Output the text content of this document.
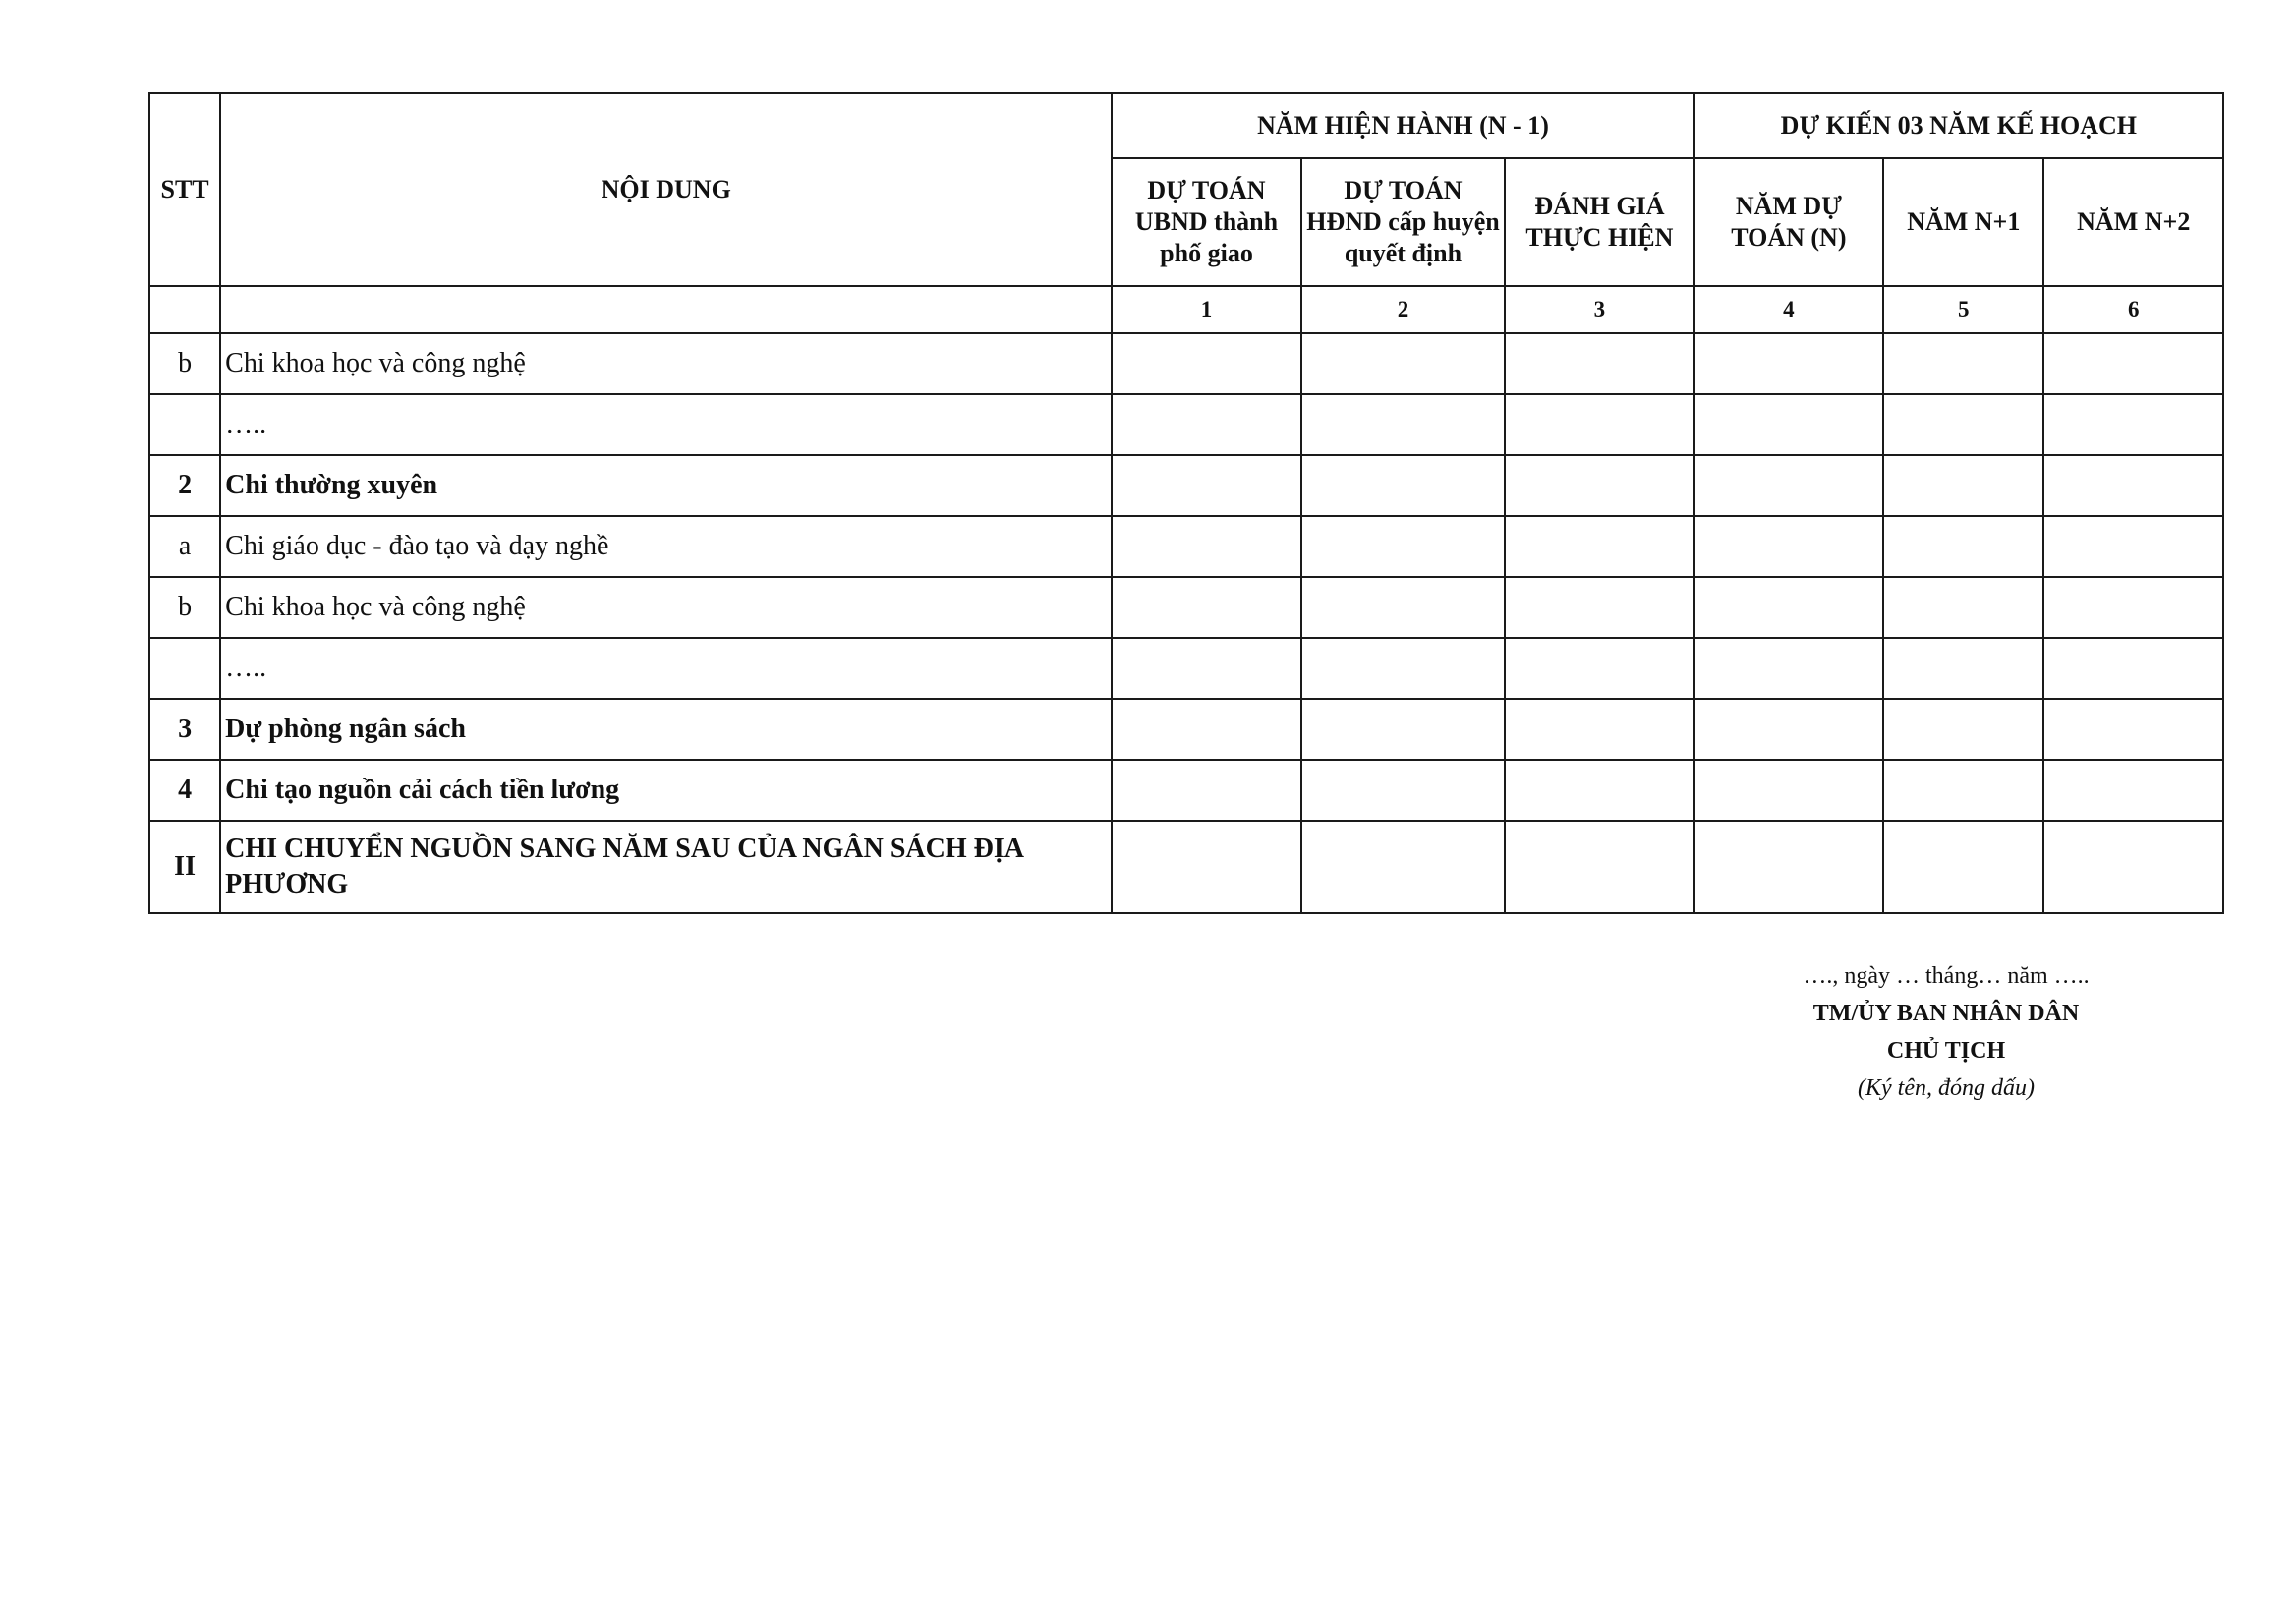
STT	NỘI DUNG	NĂM HIỆN HÀNH (N - 1)			DỰ KIẾN 03 NĂM KẾ HOẠCH		
		DỰ TOÁN UBND thành phố giao	DỰ TOÁN HĐND cấp huyện quyết định	ĐÁNH GIÁ THỰC HIỆN	NĂM DỰ TOÁN (N)	NĂM N+1	NĂM N+2
		1	2	3	4	5	6
b	Chi khoa học và công nghệ						
	…..						
2	Chi thường xuyên						
a	Chi giáo dục - đào tạo và dạy nghề						
b	Chi khoa học và công nghệ						
	…..						
3	Dự phòng ngân sách						
4	Chi tạo nguồn cải cách tiền lương						
II	CHI CHUYỂN NGUỒN SANG NĂM SAU CỦA NGÂN SÁCH ĐỊA PHƯƠNG						
…., ngày … tháng… năm …..
TM/ỦY BAN NHÂN DÂN
CHỦ TỊCH
(Ký tên, đóng dấu)
